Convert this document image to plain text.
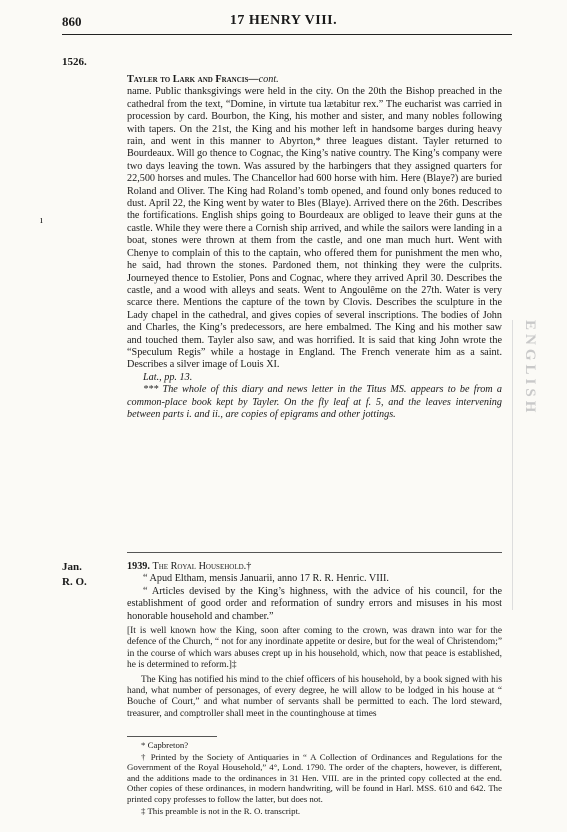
860	17 HENRY VIII.
1526.

Tayler to Lark and Francis—cont.

name. Public thanksgivings were held in the city. On the 20th the Bishop preached in the cathedral from the text, “Domine, in virtute tua lætabitur rex.” The eucharist was carried in procession by card. Bourbon, the King, his mother and sister, and many nobles following with tapers. On the 21st, the King and his mother left in handsome barges during heavy rain, and went in this manner to Abyrton,* three leagues distant. Tayler returned to Bourdeaux. Will go thence to Cognac, the King’s native country. The King’s company were two days leaving the town. Was assured by the harbingers that they assigned quarters for 22,500 horses and mules. The Chancellor had 600 horse with him. Here (Blaye?) are buried Roland and Oliver. The King had Roland’s tomb opened, and found only bones reduced to dust. April 22, the King went by water to Bles (Blaye). Arrived there on the 26th. Describes the fortifications. English ships going to Bourdeaux are obliged to leave their guns at the castle. While they were there a Cornish ship arrived, and while the sailors were landing in a boat, stones were thrown at them from the castle, and one man much hurt. Went with Chenye to complain of this to the captain, who offered them for punishment the men who, he said, had thrown the stones. Pardoned them, not thinking they were the culprits. Journeyed thence to Estolier, Pons and Cognac, where they arrived April 30. Describes the castle, and a wood with alleys and seats. Went to Angoulême on the 27th. Water is very scarce there. Mentions the capture of the town by Clovis. Describes the sculpture in the Lady chapel in the cathedral, and gives copies of several inscriptions. The bodies of John and Charles, the King’s predecessors, are here embalmed. The King and his mother saw and touched them. Tayler also saw, and was horrified. It is said that king John wrote the “Speculum Regis” while a hostage in England. The French venerate him as a saint. Describes a silver image of Louis XI.

Lat., pp. 13.

*** The whole of this diary and news letter in the Titus MS. appears to be from a common-place book kept by Tayler. On the fly leaf at f. 5, and the leaves intervening between parts i. and ii., are copies of epigrams and other jottings.

ı
Jan.
R. O.

1939. The Royal Household.†

“ Apud Eltham, mensis Januarii, anno 17 R. R. Henric. VIII.

“ Articles devised by the King’s highness, with the advice of his council, for the establishment of good order and reformation of sundry errors and misuses in his most honorable household and chamber.”

[It is well known how the King, soon after coming to the crown, was drawn into war for the defence of the Church, “ not for any inordinate appetite or desire, but for the weal of Christendom;” in the course of which wars abuses crept up in his household, which, now that peace is established, he is determined to reform.]‡

The King has notified his mind to the chief officers of his household, by a book signed with his hand, what number of personages, of every degree, he will allow to be lodged in his house at “ Bouche of Court,” and what number of servants shall be permitted to each. The lord steward, treasurer, and comptroller shall meet in the countinghouse at times

ENGLISH
* Capbreton?
† Printed by the Society of Antiquaries in “ A Collection of Ordinances and Regulations for the Government of the Royal Household,” 4°, Lond. 1790. The order of the chapters, however, is different, and the additions made to the ordinances in 31 Hen. VIII. are in the printed copy collected at the end. Other copies of these ordinances, in modern handwriting, will be found in Harl. MSS. 610 and 642. The printed copy professes to follow the latter, but does not.
‡ This preamble is not in the R. O. transcript.
